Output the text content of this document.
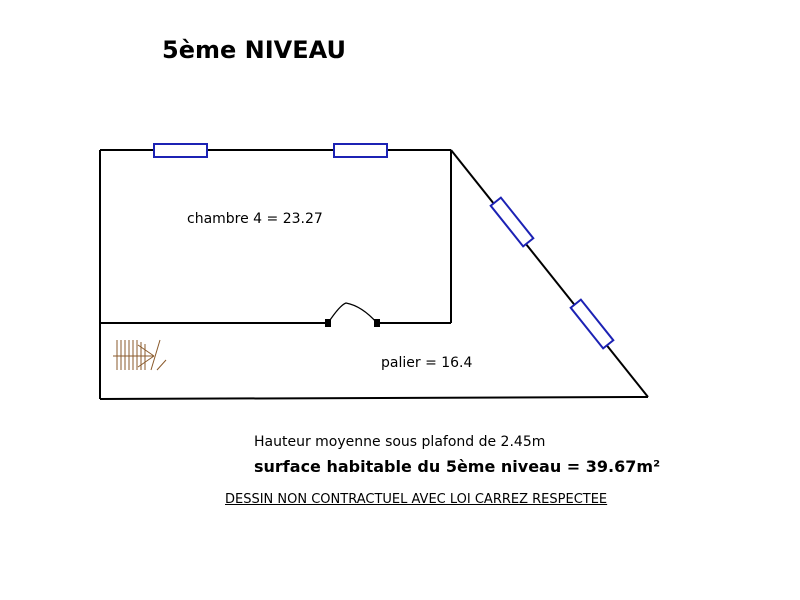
5ème NIVEAU
chambre 4 = 23.27
palier = 16.4
Hauteur moyenne sous plafond de 2.45m
surface habitable du 5ème niveau = 39.67m²
DESSIN NON CONTRACTUEL AVEC LOI CARREZ RESPECTEE
